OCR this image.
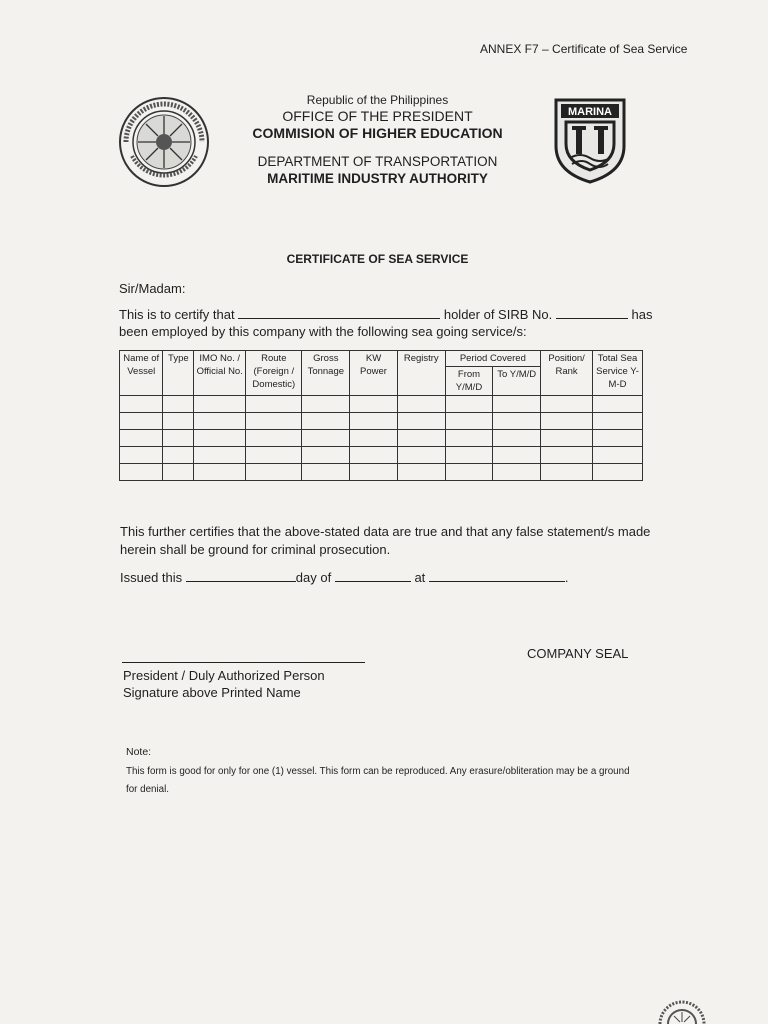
ANNEX F7 – Certificate of Sea Service
Republic of the Philippines
OFFICE OF THE PRESIDENT
COMMISION OF HIGHER EDUCATION
DEPARTMENT OF TRANSPORTATION
MARITIME INDUSTRY AUTHORITY
MARINA
CERTIFICATE OF SEA SERVICE
Sir/Madam:
This is to certify that	holder of SIRB No.	has
been employed by this company with the following sea going service/s:
Name of Vessel	Type	IMO No. / Official No.	Route (Foreign / Domestic)	Gross Tonnage	KW Power	Registry	Period Covered		Position/ Rank	Total Sea Service Y-M-D
							From Y/M/D	To Y/M/D		

This further certifies that the above-stated data are true and that any false statement/s made
herein shall be ground for criminal prosecution.
Issued this	day of	at	.
COMPANY SEAL
President / Duly Authorized Person
Signature above Printed Name
Note:
This form is good for only for one (1) vessel. This form can be reproduced. Any erasure/obliteration may be a ground
for denial.
